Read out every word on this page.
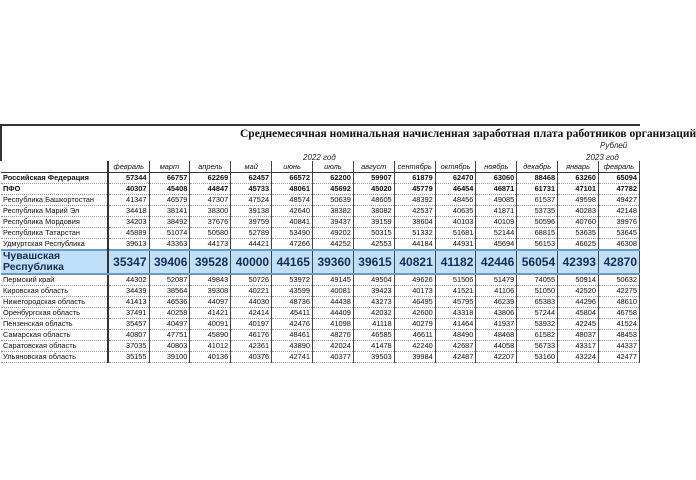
Среднемесячная номинальная начисленная заработная плата работников организаций
Рублей
2022 год	2023 год

	февраль	март	апрель	май	июнь	июль	август	сентябрь	октябрь	ноябрь	декабрь	январь	февраль
Российская Федерация	57344	66757	62269	62457	66572	62200	59907	61879	62470	63060	88468	63260	65094
ПФО	40307	45408	44847	45733	48061	45692	45020	45779	46454	46871	61731	47101	47782
Республика Башкортостан	41347	46579	47307	47524	48574	50639	48605	48392	48456	49085	61537	49598	49427
Республика Марий Эл	34418	38141	38300	39138	42640	38382	38082	42537	40635	41871	53735	40283	42148
Республика Мордовия	34203	38492	37676	39759	40841	39437	39159	38604	40103	40109	50596	40760	39976
Республика Татарстан	45889	51074	50580	52789	53490	49202	50315	51332	51681	52144	68815	53635	53645
Удмуртская Республика	39613	43363	44173	44421	47266	44252	42553	44184	44931	45694	56153	46625	46308
Чувашская Республика	35347	39406	39528	40000	44165	39360	39615	40821	41182	42446	56054	42393	42870
Пермский край	44302	52087	49843	50726	53972	49145	49504	49626	51506	51479	74055	50914	50632
Кировская область	34439	38564	39308	40221	43599	40081	39423	40173	41521	41106	51050	42520	42275
Нижегородская область	41413	46536	44097	44030	48736	44438	43273	46495	45795	46239	65383	44296	48610
Оренбургская область	37491	40258	41421	42414	45411	44409	42032	42600	43318	43806	57244	45804	46758
Пензенская область	35457	40497	40091	40197	42476	41098	41118	40279	41464	41937	53932	42245	41524
Самарская область	40807	47751	45890	46176	48461	48276	46585	46611	48490	48468	61582	48037	48453
Саратовская область	37035	40803	41012	42361	43890	42024	41478	42240	42687	44058	56733	43317	44337
Ульяновская область	35155	39100	40136	40376	42741	40377	39503	39984	42487	42207	53160	43224	42477
